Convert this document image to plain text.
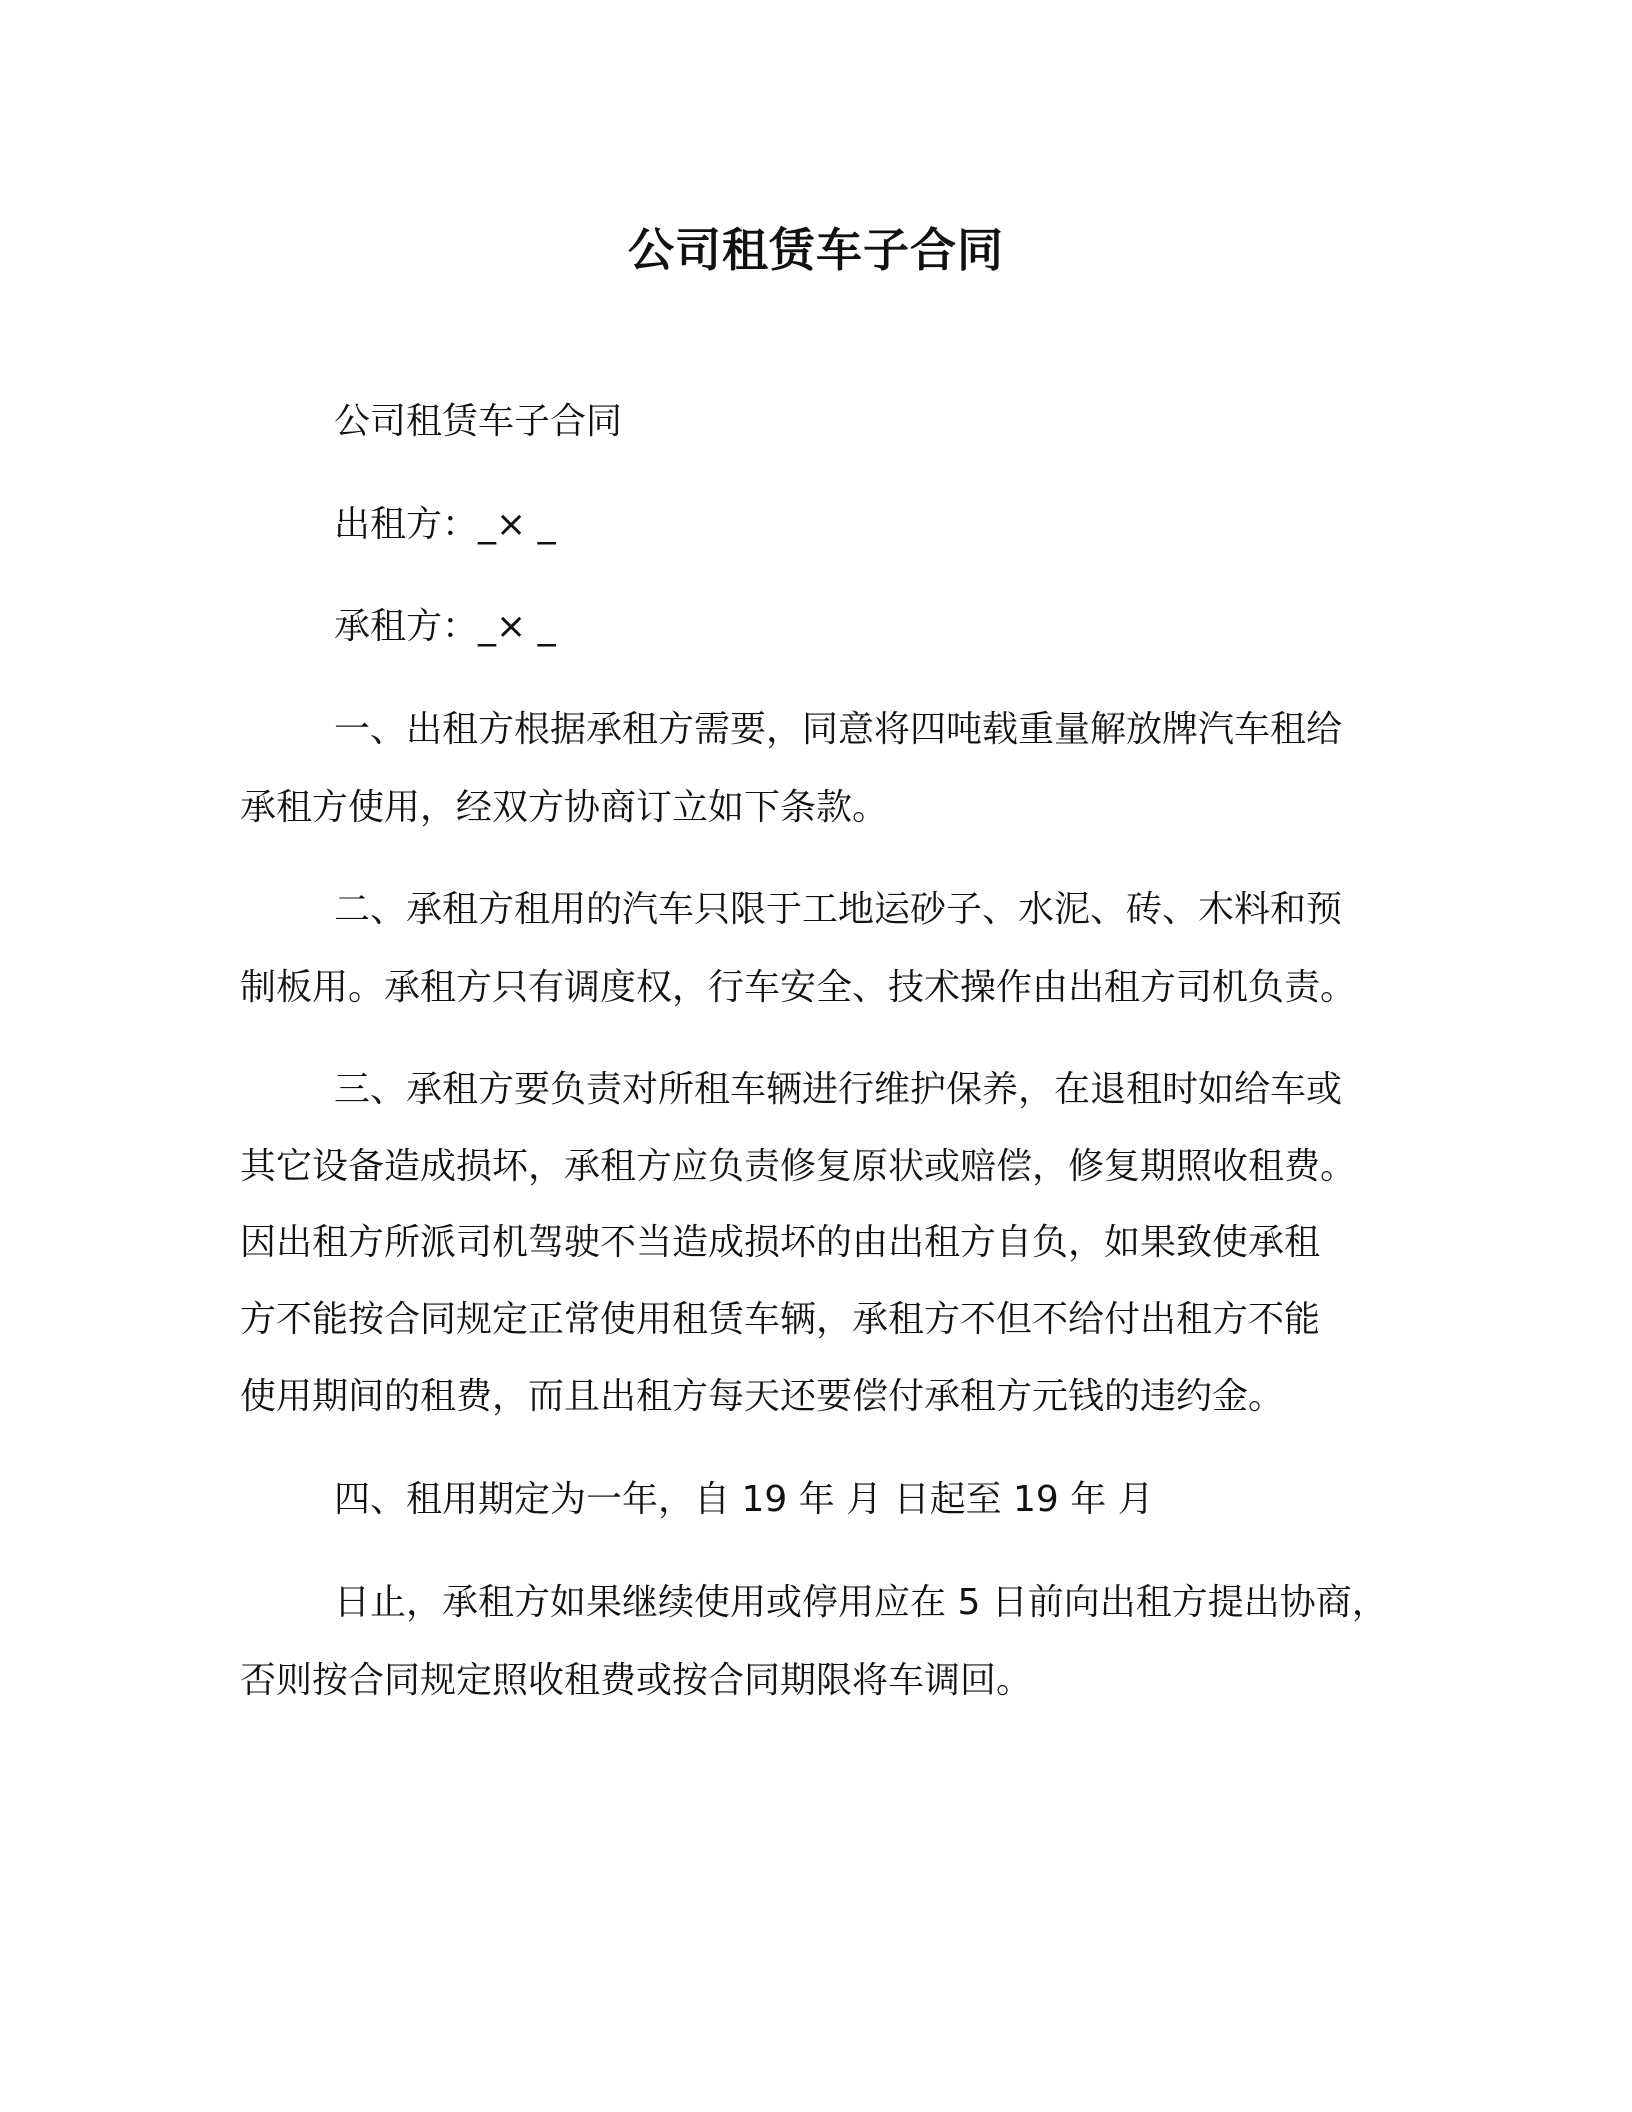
公司租赁车子合同

公司租赁车子合同

出租方：_× _

承租方：_× _

一、出租方根据承租方需要，同意将四吨载重量解放牌汽车租给

承租方使用，经双方协商订立如下条款。

二、承租方租用的汽车只限于工地运砂子、水泥、砖、木料和预

制板用。承租方只有调度权，行车安全、技术操作由出租方司机负责。

三、承租方要负责对所租车辆进行维护保养，在退租时如给车或

其它设备造成损坏，承租方应负责修复原状或赔偿，修复期照收租费。

因出租方所派司机驾驶不当造成损坏的由出租方自负，如果致使承租

方不能按合同规定正常使用租赁车辆，承租方不但不给付出租方不能

使用期间的租费，而且出租方每天还要偿付承租方元钱的违约金。

四、租用期定为一年，自 19 年 月 日起至 19 年 月

日止，承租方如果继续使用或停用应在 5 日前向出租方提出协商，

否则按合同规定照收租费或按合同期限将车调回。
